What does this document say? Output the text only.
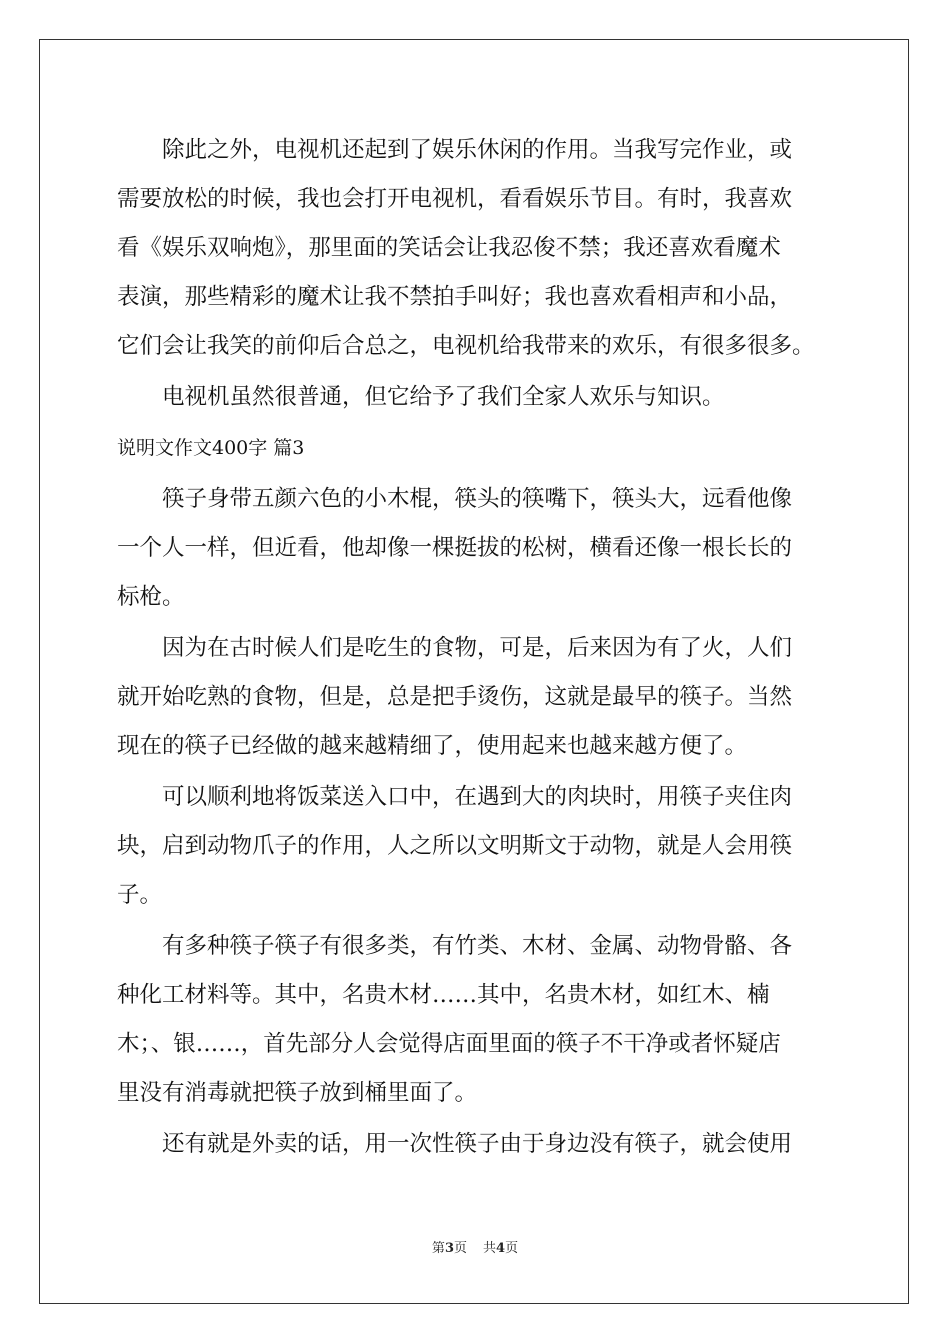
除此之外，电视机还起到了娱乐休闲的作用。当我写完作业，或
需要放松的时候，我也会打开电视机，看看娱乐节目。有时，我喜欢
看《娱乐双响炮》，那里面的笑话会让我忍俊不禁；我还喜欢看魔术
表演，那些精彩的魔术让我不禁拍手叫好；我也喜欢看相声和小品，
它们会让我笑的前仰后合总之，电视机给我带来的欢乐，有很多很多。
电视机虽然很普通，但它给予了我们全家人欢乐与知识。
说明文作文400字 篇3
筷子身带五颜六色的小木棍，筷头的筷嘴下，筷头大，远看他像
一个人一样，但近看，他却像一棵挺拔的松树，横看还像一根长长的
标枪。
因为在古时候人们是吃生的食物，可是，后来因为有了火，人们
就开始吃熟的食物，但是，总是把手烫伤，这就是最早的筷子。当然
现在的筷子已经做的越来越精细了，使用起来也越来越方便了。
可以顺利地将饭菜送入口中，在遇到大的肉块时，用筷子夹住肉
块，启到动物爪子的作用，人之所以文明斯文于动物，就是人会用筷
子。
有多种筷子筷子有很多类，有竹类、木材、金属、动物骨骼、各
种化工材料等。其中，名贵木材……其中，名贵木材，如红木、楠
木；、银……，首先部分人会觉得店面里面的筷子不干净或者怀疑店
里没有消毒就把筷子放到桶里面了。
还有就是外卖的话，用一次性筷子由于身边没有筷子，就会使用
第3页 共4页
